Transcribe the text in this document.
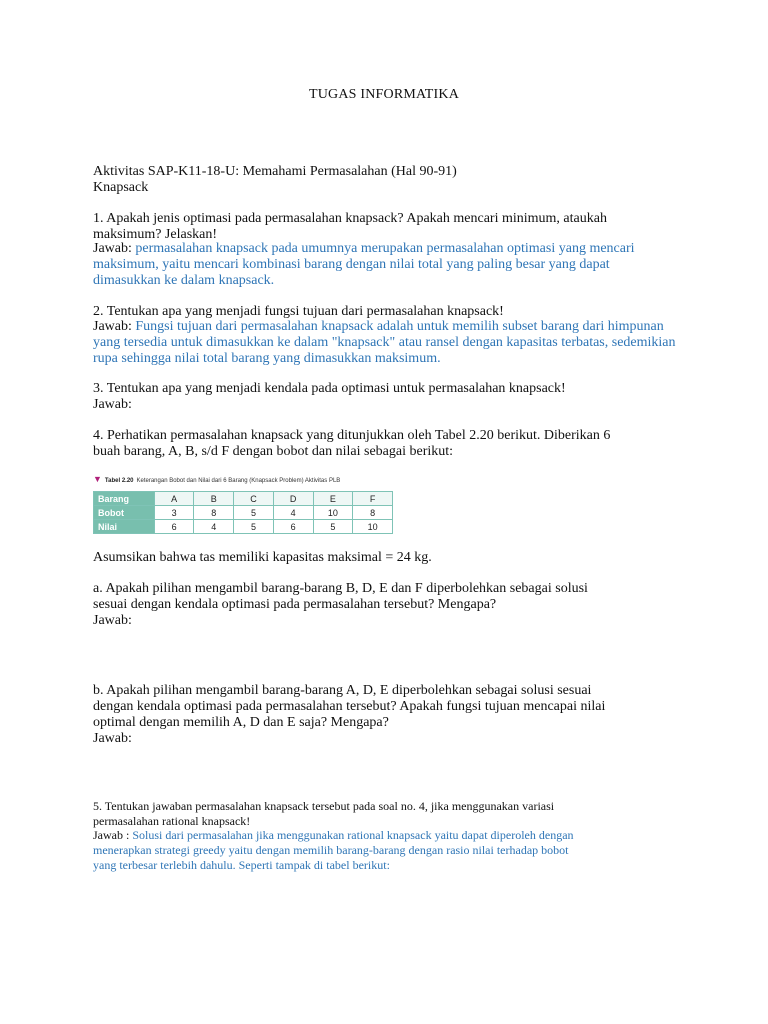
TUGAS INFORMATIKA
Aktivitas SAP-K11-18-U: Memahami Permasalahan (Hal 90-91)
Knapsack
1. Apakah jenis optimasi pada permasalahan knapsack? Apakah mencari minimum, ataukah maksimum? Jelaskan!
Jawab: permasalahan knapsack pada umumnya merupakan permasalahan optimasi yang mencari maksimum, yaitu mencari kombinasi barang dengan nilai total yang paling besar yang dapat dimasukkan ke dalam knapsack.
2. Tentukan apa yang menjadi fungsi tujuan dari permasalahan knapsack!
Jawab: Fungsi tujuan dari permasalahan knapsack adalah untuk memilih subset barang dari himpunan yang tersedia untuk dimasukkan ke dalam "knapsack" atau ransel dengan kapasitas terbatas, sedemikian rupa sehingga nilai total barang yang dimasukkan maksimum.
3. Tentukan apa yang menjadi kendala pada optimasi untuk permasalahan knapsack!
Jawab:
4. Perhatikan permasalahan knapsack yang ditunjukkan oleh Tabel 2.20 berikut. Diberikan 6 buah barang, A, B, s/d F dengan bobot dan nilai sebagai berikut:
▼ Tabel 2.20 Keterangan Bobot dan Nilai dari 6 Barang (Knapsack Problem) Aktivitas PLB
Barang	A	B	C	D	E	F
Bobot	3	8	5	4	10	8
Nilai	6	4	5	6	5	10
Asumsikan bahwa tas memiliki kapasitas maksimal = 24 kg.
a. Apakah pilihan mengambil barang-barang B, D, E dan F diperbolehkan sebagai solusi sesuai dengan kendala optimasi pada permasalahan tersebut? Mengapa?
Jawab:
b. Apakah pilihan mengambil barang-barang A, D, E diperbolehkan sebagai solusi sesuai dengan kendala optimasi pada permasalahan tersebut? Apakah fungsi tujuan mencapai nilai optimal dengan memilih A, D dan E saja? Mengapa?
Jawab:
5. Tentukan jawaban permasalahan knapsack tersebut pada soal no. 4, jika menggunakan variasi permasalahan rational knapsack!
Jawab : Solusi dari permasalahan jika menggunakan rational knapsack yaitu dapat diperoleh dengan menerapkan strategi greedy yaitu dengan memilih barang-barang dengan rasio nilai terhadap bobot yang terbesar terlebih dahulu. Seperti tampak di tabel berikut:
